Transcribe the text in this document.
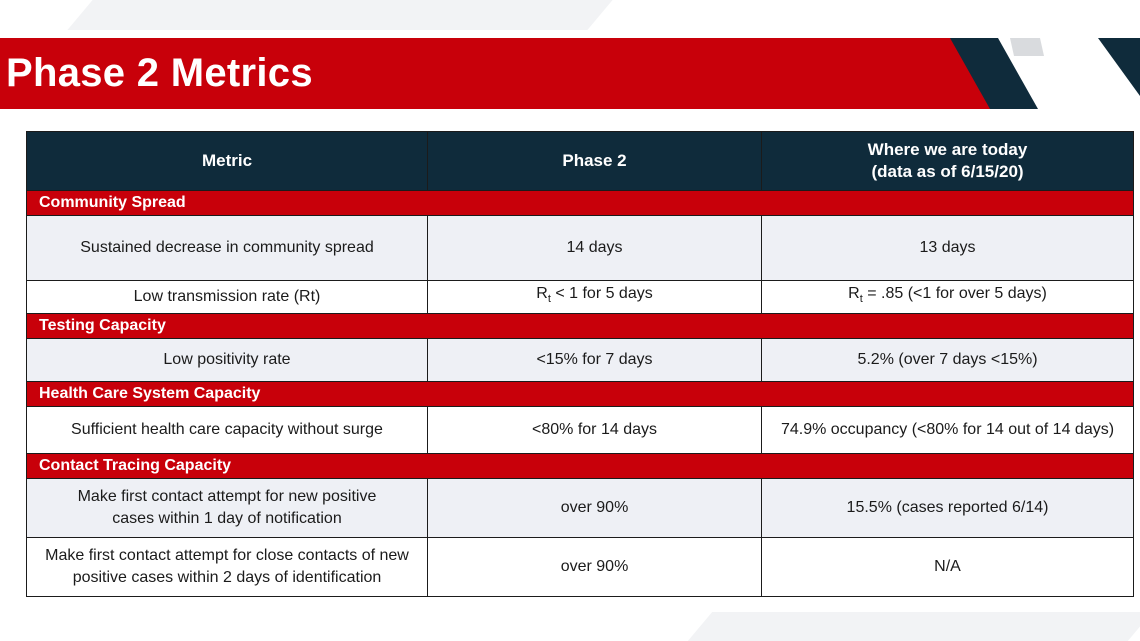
Phase 2 Metrics
Metric	Phase 2	Where we are today
(data as of 6/15/20)
Community Spread		
Sustained decrease in community spread	14 days	13 days
Low transmission rate (Rt)	$R_t < 1$ for 5 days	$R_t = .85$ (<1 for over 5 days)
Testing Capacity		
Low positivity rate	<15% for 7 days	5.2% (over 7 days <15%)
Health Care System Capacity		
Sufficient health care capacity without surge	<80% for 14 days	74.9% occupancy (<80% for 14 out of 14 days)
Contact Tracing Capacity		
Make first contact attempt for new positive
cases within 1 day of notification	over 90%	15.5% (cases reported 6/14)
Make first contact attempt for close contacts of new
positive cases within 2 days of identification	over 90%	N/A
